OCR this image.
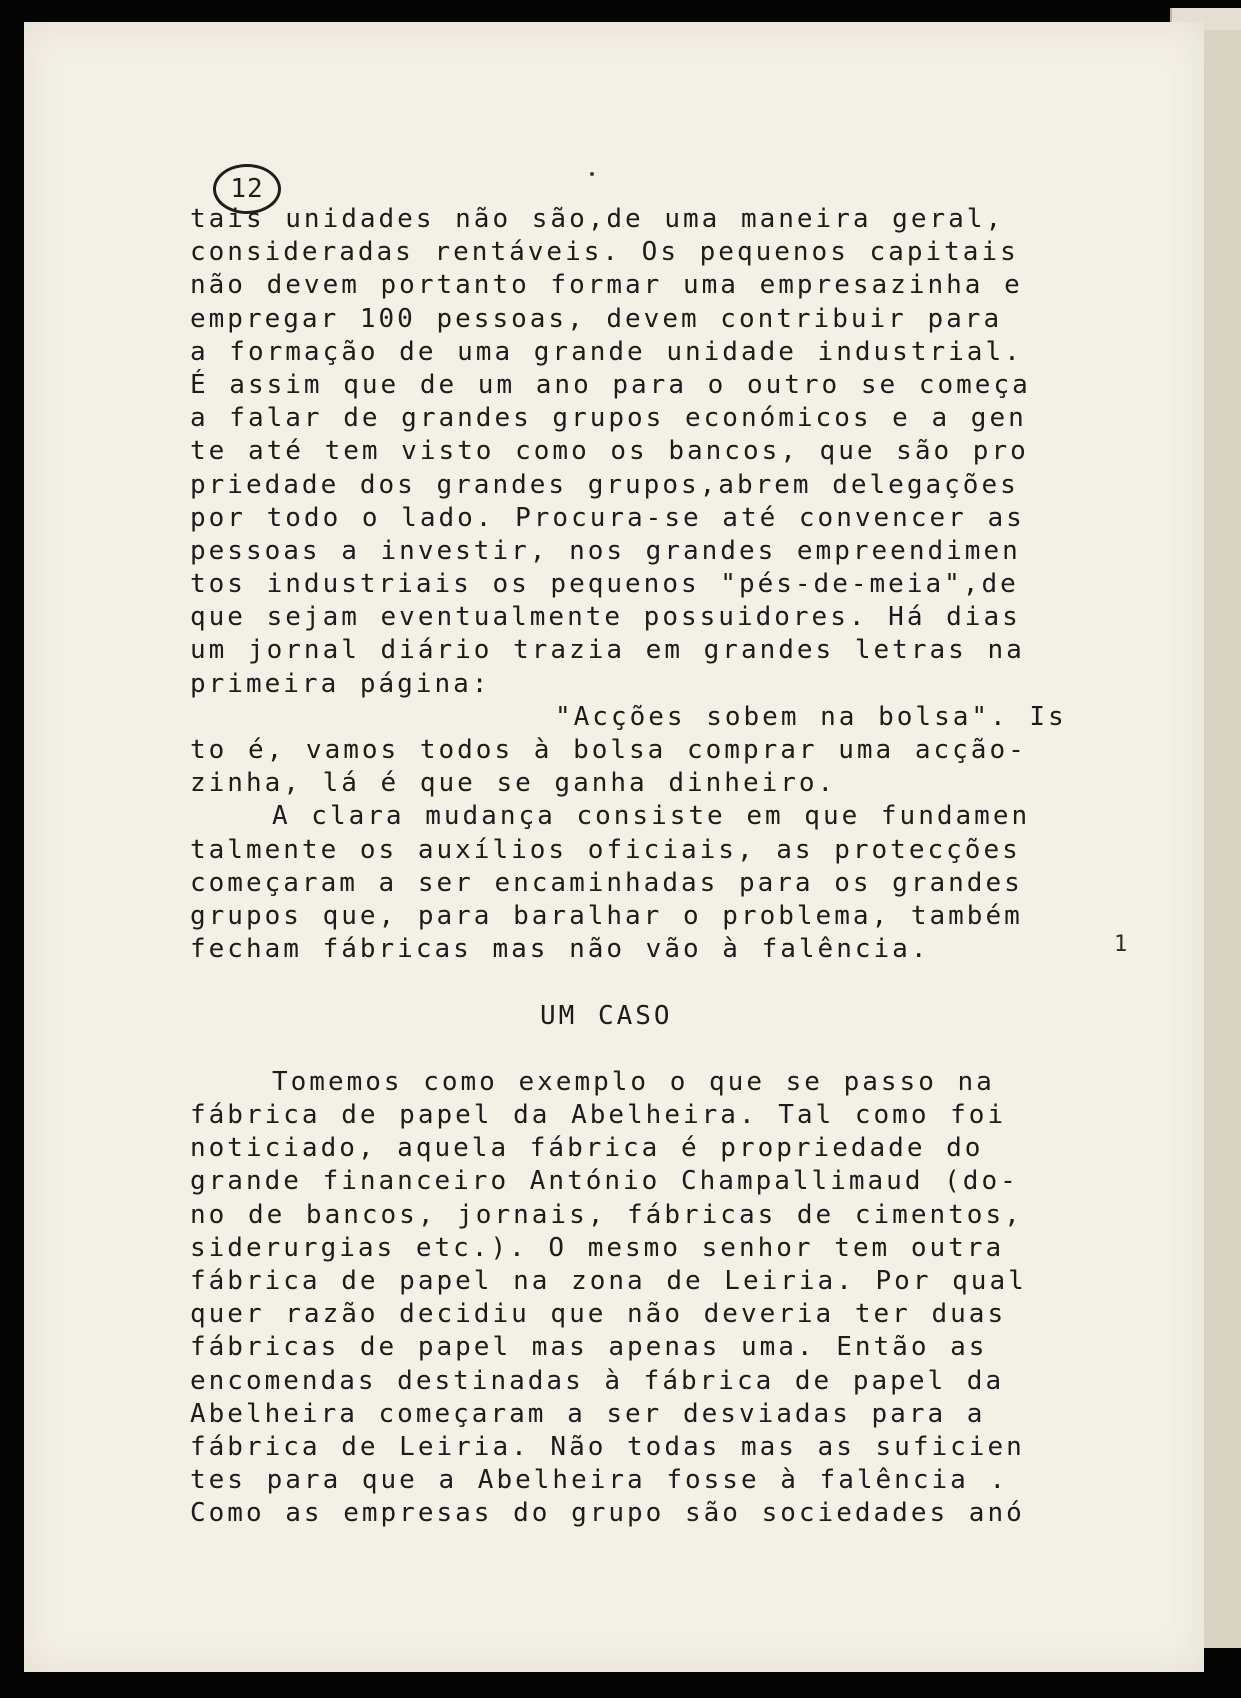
12
tais unidades não são,de uma maneira geral,
consideradas rentáveis. Os pequenos capitais
não devem portanto formar uma empresazinha e
empregar 100 pessoas, devem contribuir para
a formação de uma grande unidade industrial.
É assim que de um ano para o outro se começa
a falar de grandes grupos económicos e a gen
te até tem visto como os bancos, que são pro
priedade dos grandes grupos,abrem delegações
por todo o lado. Procura-se até convencer as
pessoas a investir, nos grandes empreendimen
tos industriais os pequenos "pés-de-meia",de
que sejam eventualmente possuidores. Há dias
um jornal diário trazia em grandes letras na
primeira página:
"Acções sobem na bolsa". Is
to é, vamos todos à bolsa comprar uma acção-
zinha, lá é que se ganha dinheiro.
A clara mudança consiste em que fundamen
talmente os auxílios oficiais, as protecções
começaram a ser encaminhadas para os grandes
grupos que, para baralhar o problema, também
fecham fábricas mas não vão à falência.
UM CASO
Tomemos como exemplo o que se passo na
fábrica de papel da Abelheira. Tal como foi
noticiado, aquela fábrica é propriedade do
grande financeiro António Champallimaud (do-
no de bancos, jornais, fábricas de cimentos,
siderurgias etc.). O mesmo senhor tem outra
fábrica de papel na zona de Leiria. Por qual
quer razão decidiu que não deveria ter duas
fábricas de papel mas apenas uma. Então as
encomendas destinadas à fábrica de papel da
Abelheira começaram a ser desviadas para a
fábrica de Leiria. Não todas mas as suficien
tes para que a Abelheira fosse à falência .
Como as empresas do grupo são sociedades anó
1
